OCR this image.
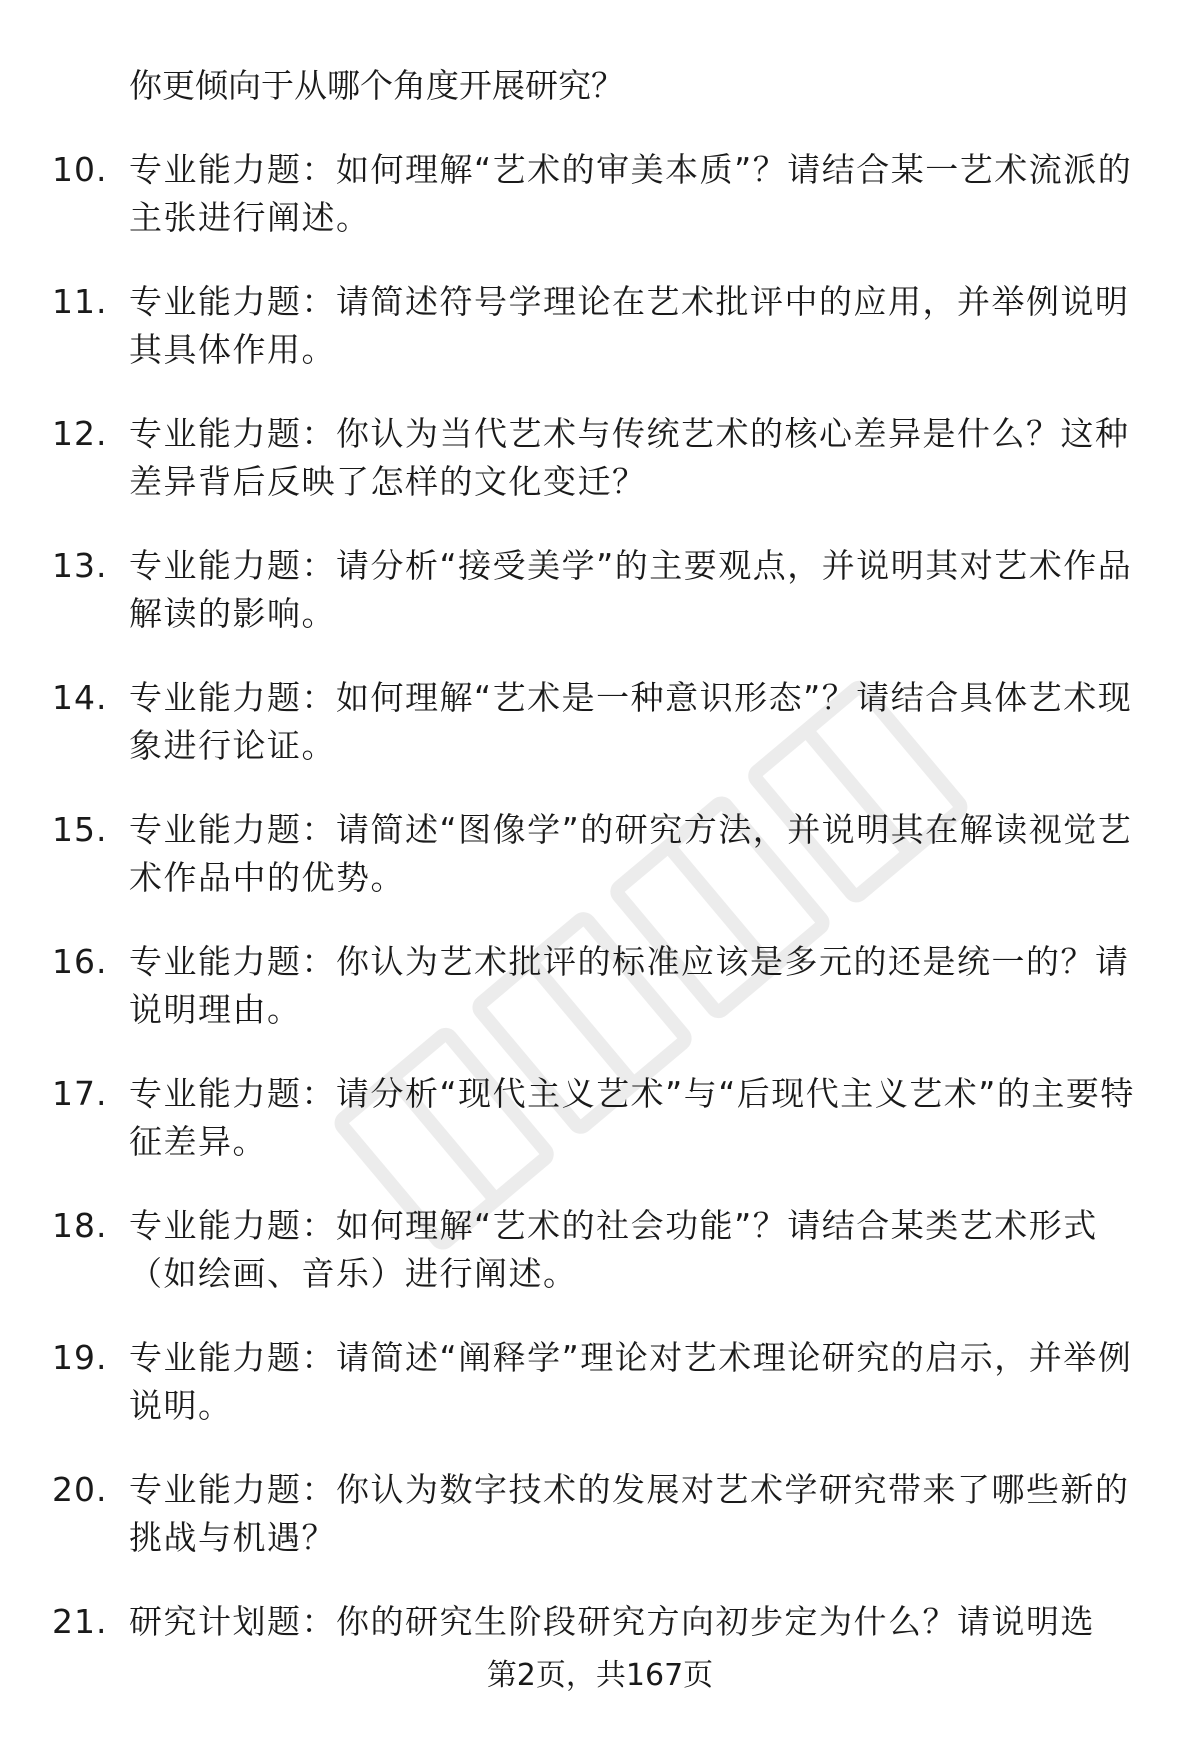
你更倾向于从哪个角度开展研究？
10. 专业能力题：如何理解“艺术的审美本质”？请结合某一艺术流派的主张进行阐述。
11. 专业能力题：请简述符号学理论在艺术批评中的应用，并举例说明其具体作用。
12. 专业能力题：你认为当代艺术与传统艺术的核心差异是什么？这种差异背后反映了怎样的文化变迁？
13. 专业能力题：请分析“接受美学”的主要观点，并说明其对艺术作品解读的影响。
14. 专业能力题：如何理解“艺术是一种意识形态”？请结合具体艺术现象进行论证。
15. 专业能力题：请简述“图像学”的研究方法，并说明其在解读视觉艺术作品中的优势。
16. 专业能力题：你认为艺术批评的标准应该是多元的还是统一的？请说明理由。
17. 专业能力题：请分析“现代主义艺术”与“后现代主义艺术”的主要特征差异。
18. 专业能力题：如何理解“艺术的社会功能”？请结合某类艺术形式（如绘画、音乐）进行阐述。
19. 专业能力题：请简述“阐释学”理论对艺术理论研究的启示，并举例说明。
20. 专业能力题：你认为数字技术的发展对艺术学研究带来了哪些新的挑战与机遇？
21. 研究计划题：你的研究生阶段研究方向初步定为什么？请说明选
第2页，共167页
